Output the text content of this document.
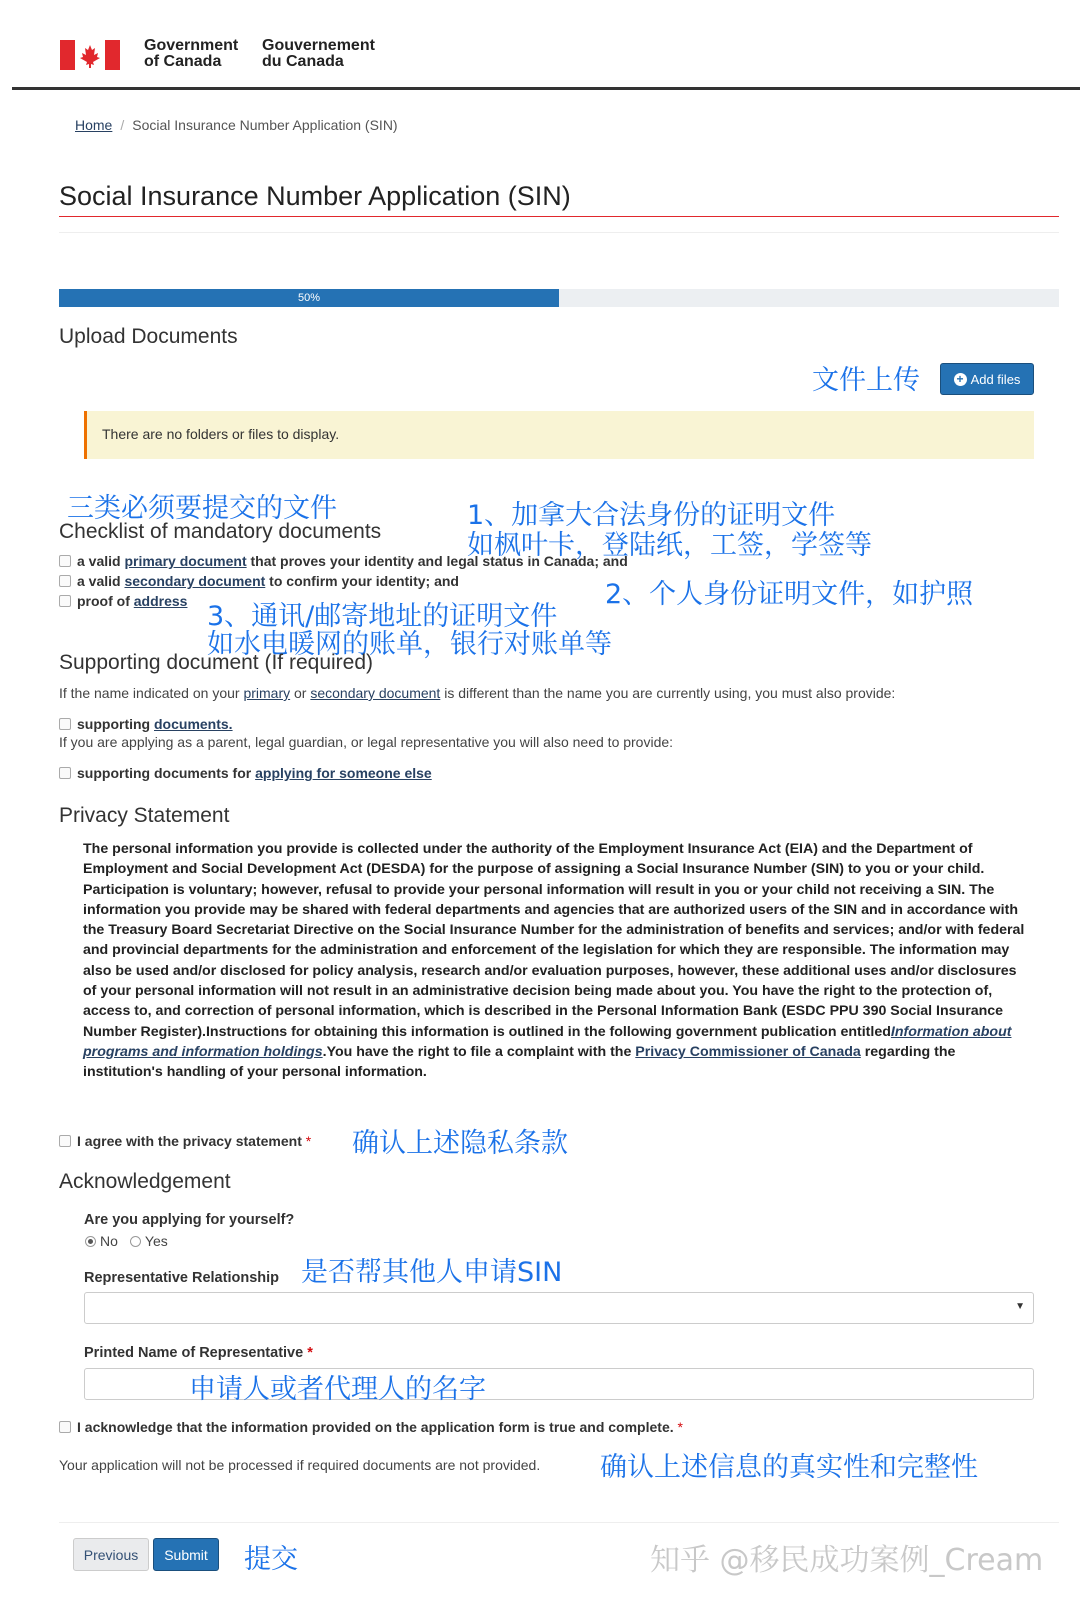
Government
of Canada
Gouvernement
du Canada
Home / Social Insurance Number Application (SIN)
Social Insurance Number Application (SIN)
50%
Upload Documents
文件上传	+ Add files
There are no folders or files to display.
三类必须要提交的文件
Checklist of mandatory documents
1、加拿大合法身份的证明文件
如枫叶卡，登陆纸，工签，学签等
a valid primary document that proves your identity and legal status in Canada; and
a valid secondary document to confirm your identity; and
proof of address	2、个人身份证明文件，如护照
3、通讯/邮寄地址的证明文件
如水电暖网的账单，银行对账单等
Supporting document (If required)
If the name indicated on your primary or secondary document is different than the name you are currently using, you must also provide:
supporting documents.
If you are applying as a parent, legal guardian, or legal representative you will also need to provide:
supporting documents for applying for someone else
Privacy Statement
The personal information you provide is collected under the authority of the Employment Insurance Act (EIA) and the Department of Employment and Social Development Act (DESDA) for the purpose of assigning a Social Insurance Number (SIN) to you or your child. Participation is voluntary; however, refusal to provide your personal information will result in you or your child not receiving a SIN. The information you provide may be shared with federal departments and agencies that are authorized users of the SIN and in accordance with the Treasury Board Secretariat Directive on the Social Insurance Number for the administration of benefits and services; and/or with federal and provincial departments for the administration and enforcement of the legislation for which they are responsible. The information may also be used and/or disclosed for policy analysis, research and/or evaluation purposes, however, these additional uses and/or disclosures of your personal information will not result in an administrative decision being made about you. You have the right to the protection of, access to, and correction of personal information, which is described in the Personal Information Bank (ESDC PPU 390 Social Insurance Number Register).Instructions for obtaining this information is outlined in the following government publication entitledInformation about programs and information holdings.You have the right to file a complaint with the Privacy Commissioner of Canada regarding the institution's handling of your personal information.
I agree with the privacy statement
* 确认上述隐私条款
Acknowledgement
Are you applying for yourself?
No Yes
Representative Relationship 是否帮其他人申请SIN
▼
Printed Name of Representative *
申请人或者代理人的名字
I acknowledge that the information provided on the application form is true and complete.
*
Your application will not be processed if required documents are not provided. 确认上述信息的真实性和完整性
Previous	Submit	提交	知乎 @移民成功案例_Cream
